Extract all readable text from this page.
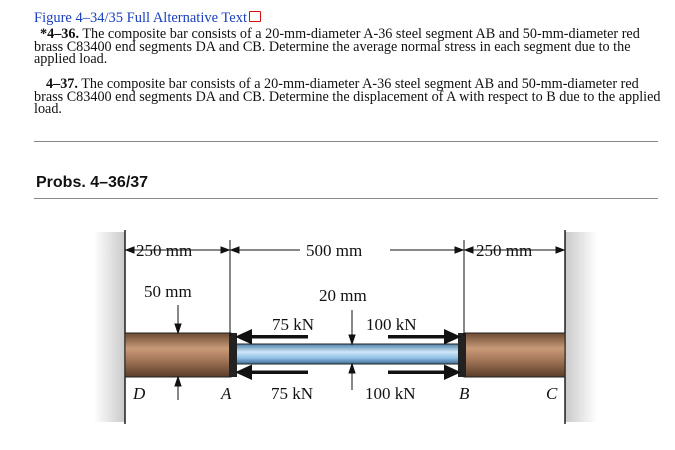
Figure 4–34/35 Full Alternative Text
*4–36. The composite bar consists of a 20-mm-diameter A-36 steel segment AB and 50-mm-diameter red brass C83400 end segments DA and CB. Determine the average normal stress in each segment due to the applied load.
4–37. The composite bar consists of a 20-mm-diameter A-36 steel segment AB and 50-mm-diameter red brass C83400 end segments DA and CB. Determine the displacement of A with respect to B due to the applied load.
Probs. 4–36/37
250 mm	500 mm	250 mm
50 mm	20 mm
75 kN	100 kN
75 kN	100 kN
D	A	B	C
